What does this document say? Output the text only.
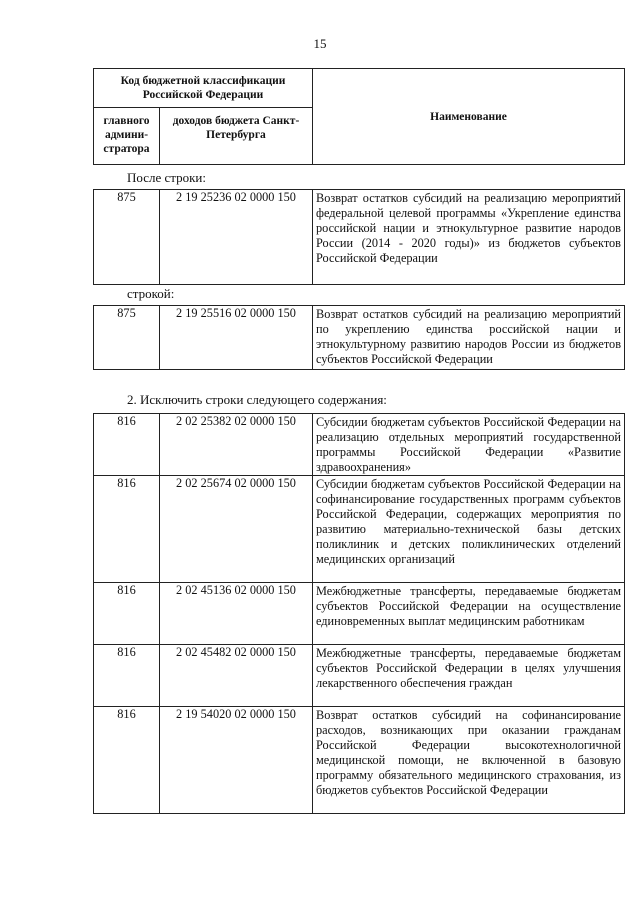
15
Код бюджетной классификации Российской Федерации		Наименование
главного админи-стратора	доходов бюджета Санкт-Петербурга	
После строки:
875	2 19 25236 02 0000 150	Возврат остатков субсидий на реализацию мероприятий федеральной целевой программы «Укрепление единства российской нации и этнокультурное развитие народов России (2014 - 2020 годы)» из бюджетов субъектов Российской Федерации
строкой:
875	2 19 25516 02 0000 150	Возврат остатков субсидий на реализацию мероприятий по укреплению единства российской нации и этнокультурному развитию народов России из бюджетов субъектов Российской Федерации
2. Исключить строки следующего содержания:
816	2 02 25382 02 0000 150	Субсидии бюджетам субъектов Российской Федерации на реализацию отдельных мероприятий государственной программы Российской Федерации «Развитие здравоохранения»
816	2 02 25674 02 0000 150	Субсидии бюджетам субъектов Российской Федерации на софинансирование государственных программ субъектов Российской Федерации, содержащих мероприятия по развитию материально-технической базы детских поликлиник и детских поликлинических отделений медицинских организаций
816	2 02 45136 02 0000 150	Межбюджетные трансферты, передаваемые бюджетам субъектов Российской Федерации на осуществление единовременных выплат медицинским работникам
816	2 02 45482 02 0000 150	Межбюджетные трансферты, передаваемые бюджетам субъектов Российской Федерации в целях улучшения лекарственного обеспечения граждан
816	2 19 54020 02 0000 150	Возврат остатков субсидий на софинансирование расходов, возникающих при оказании гражданам Российской Федерации высокотехнологичной медицинской помощи, не включенной в базовую программу обязательного медицинского страхования, из бюджетов субъектов Российской Федерации
